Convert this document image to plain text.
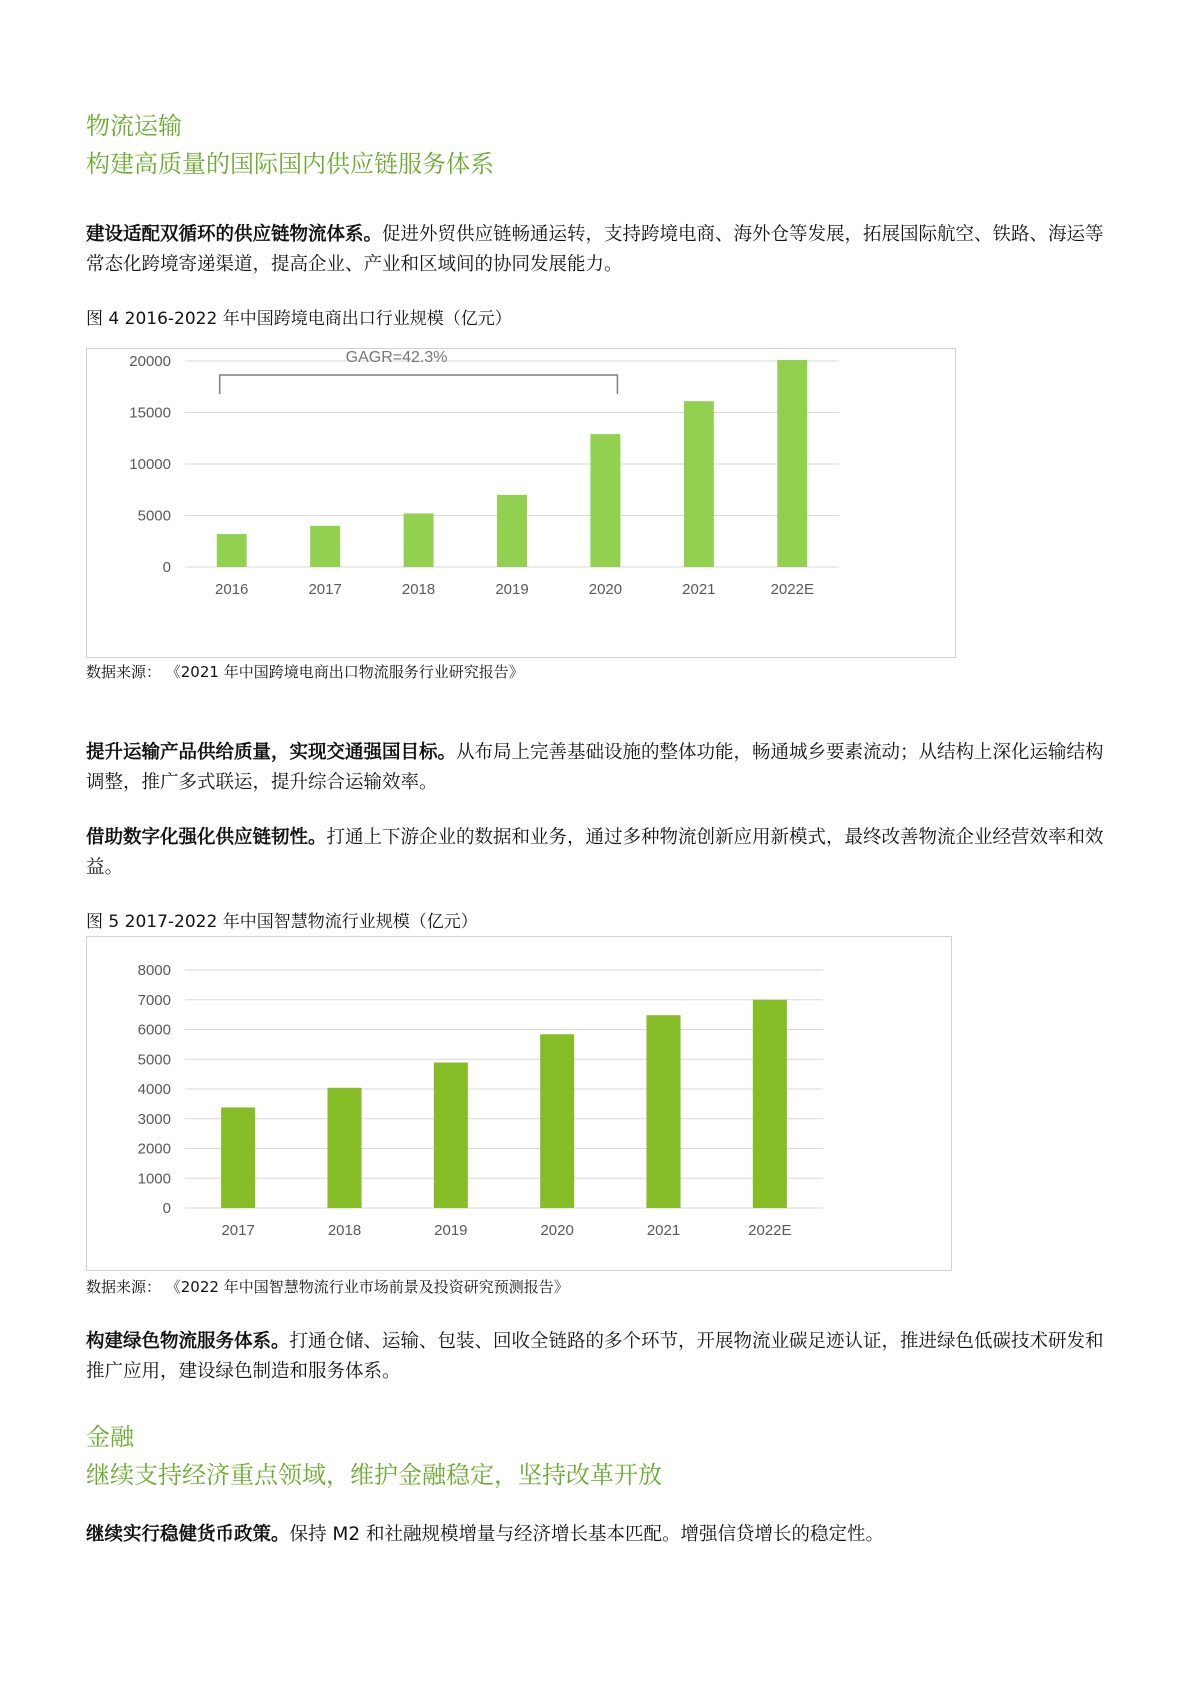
物流运输
构建高质量的国际国内供应链服务体系

建设适配双循环的供应链物流体系。促进外贸供应链畅通运转，支持跨境电商、海外仓等发展，拓展国际航空、铁路、海运等常态化跨境寄递渠道，提高企业、产业和区域间的协同发展能力。

图 4 2016-2022 年中国跨境电商出口行业规模（亿元）

0
5000
10000
15000
20000
2016	2017	2018	2019	2020	2021	2022E
GAGR=42.3%

数据来源： 《2021 年中国跨境电商出口物流服务行业研究报告》

提升运输产品供给质量，实现交通强国目标。从布局上完善基础设施的整体功能，畅通城乡要素流动；从结构上深化运输结构调整，推广多式联运，提升综合运输效率。

借助数字化强化供应链韧性。打通上下游企业的数据和业务，通过多种物流创新应用新模式，最终改善物流企业经营效率和效益。

图 5 2017-2022 年中国智慧物流行业规模（亿元）

0
1000
2000
3000
4000
5000
6000
7000
8000
2017	2018	2019	2020	2021	2022E

数据来源： 《2022 年中国智慧物流行业市场前景及投资研究预测报告》

构建绿色物流服务体系。打通仓储、运输、包装、回收全链路的多个环节，开展物流业碳足迹认证，推进绿色低碳技术研发和推广应用，建设绿色制造和服务体系。

金融
继续支持经济重点领域，维护金融稳定，坚持改革开放

继续实行稳健货币政策。保持 M2 和社融规模增量与经济增长基本匹配。增强信贷增长的稳定性。
